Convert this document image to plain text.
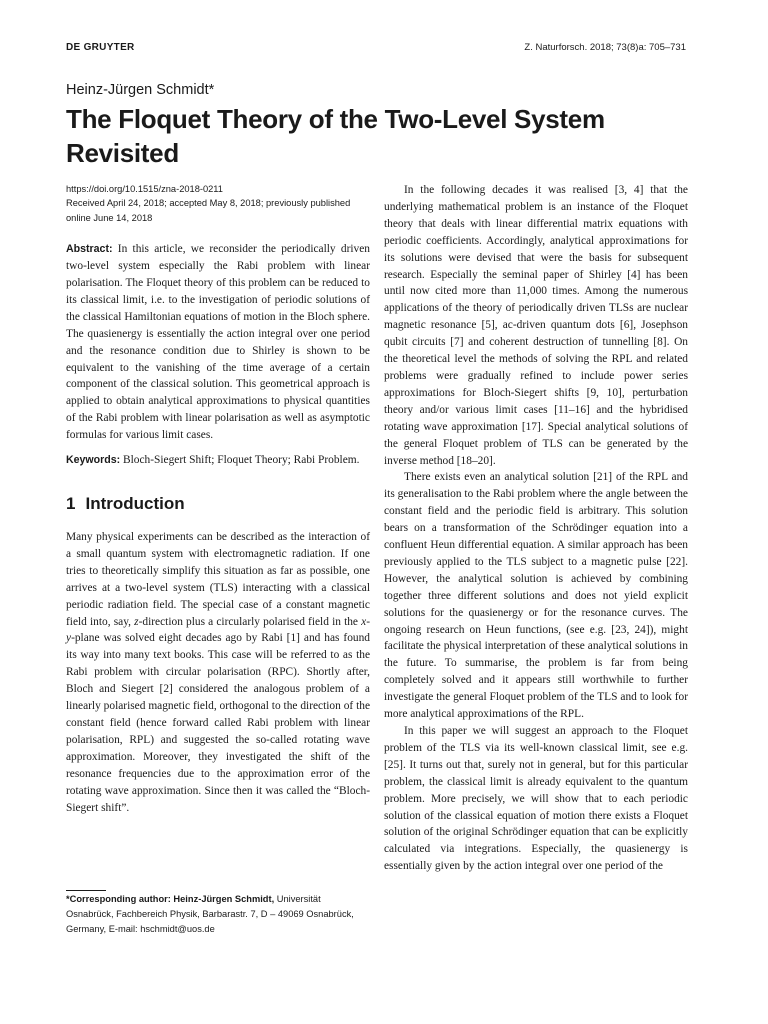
DE GRUYTER	Z. Naturforsch. 2018; 73(8)a: 705–731
Heinz-Jürgen Schmidt*
The Floquet Theory of the Two-Level System Revisited
https://doi.org/10.1515/zna-2018-0211
Received April 24, 2018; accepted May 8, 2018; previously published online June 14, 2018

Abstract: In this article, we reconsider the periodically driven two-level system especially the Rabi problem with linear polarisation. The Floquet theory of this problem can be reduced to its classical limit, i.e. to the investigation of periodic solutions of the classical Hamiltonian equations of motion in the Bloch sphere. The quasienergy is essentially the action integral over one period and the resonance condition due to Shirley is shown to be equivalent to the vanishing of the time average of a certain component of the classical solution. This geometrical approach is applied to obtain analytical approximations to physical quantities of the Rabi problem with linear polarisation as well as asymptotic formulas for various limit cases.

Keywords: Bloch-Siegert Shift; Floquet Theory; Rabi Problem.

1 Introduction

Many physical experiments can be described as the interaction of a small quantum system with electromagnetic radiation. If one tries to theoretically simplify this situation as far as possible, one arrives at a two-level system (TLS) interacting with a classical periodic radiation field. The special case of a constant magnetic field into, say, z-direction plus a circularly polarised field in the x-y-plane was solved eight decades ago by Rabi [1] and has found its way into many text books. This case will be referred to as the Rabi problem with circular polarisation (RPC). Shortly after, Bloch and Siegert [2] considered the analogous problem of a linearly polarised magnetic field, orthogonal to the direction of the constant field (hence forward called Rabi problem with linear polarisation, RPL) and suggested the so-called rotating wave approximation. Moreover, they investigated the shift of the resonance frequencies due to the approximation error of the rotating wave approximation. Since then it was called the “Bloch-Siegert shift”.

In the following decades it was realised [3, 4] that the underlying mathematical problem is an instance of the Floquet theory that deals with linear differential matrix equations with periodic coefficients. Accordingly, analytical approximations for its solutions were devised that were the basis for subsequent research. Especially the seminal paper of Shirley [4] has been until now cited more than 11,000 times. Among the numerous applications of the theory of periodically driven TLSs are nuclear magnetic resonance [5], ac-driven quantum dots [6], Josephson qubit circuits [7] and coherent destruction of tunnelling [8]. On the theoretical level the methods of solving the RPL and related problems were gradually refined to include power series approximations for Bloch-Siegert shifts [9, 10], perturbation theory and/or various limit cases [11–16] and the hybridised rotating wave approximation [17]. Special analytical solutions of the general Floquet problem of TLS can be generated by the inverse method [18–20].

There exists even an analytical solution [21] of the RPL and its generalisation to the Rabi problem where the angle between the constant field and the periodic field is arbitrary. This solution bears on a transformation of the Schrödinger equation into a confluent Heun differential equation. A similar approach has been previously applied to the TLS subject to a magnetic pulse [22]. However, the analytical solution is achieved by combining together three different solutions and does not yield explicit solutions for the quasienergy or for the resonance curves. The ongoing research on Heun functions, (see e.g. [23, 24]), might facilitate the physical interpretation of these analytical solutions in the future. To summarise, the problem is far from being completely solved and it appears still worthwhile to further investigate the general Floquet problem of the TLS and to look for more analytical approximations of the RPL.

In this paper we will suggest an approach to the Floquet problem of the TLS via its well-known classical limit, see e.g. [25]. It turns out that, surely not in general, but for this particular problem, the classical limit is already equivalent to the quantum problem. More precisely, we will show that to each periodic solution of the classical equation of motion there exists a Floquet solution of the original Schrödinger equation that can be explicitly calculated via integrations. Especially, the quasienergy is essentially given by the action integral over one period of the

*Corresponding author: Heinz-Jürgen Schmidt, Universität Osnabrück, Fachbereich Physik, Barbarastr. 7, D – 49069 Osnabrück, Germany, E-mail: hschmidt@uos.de
